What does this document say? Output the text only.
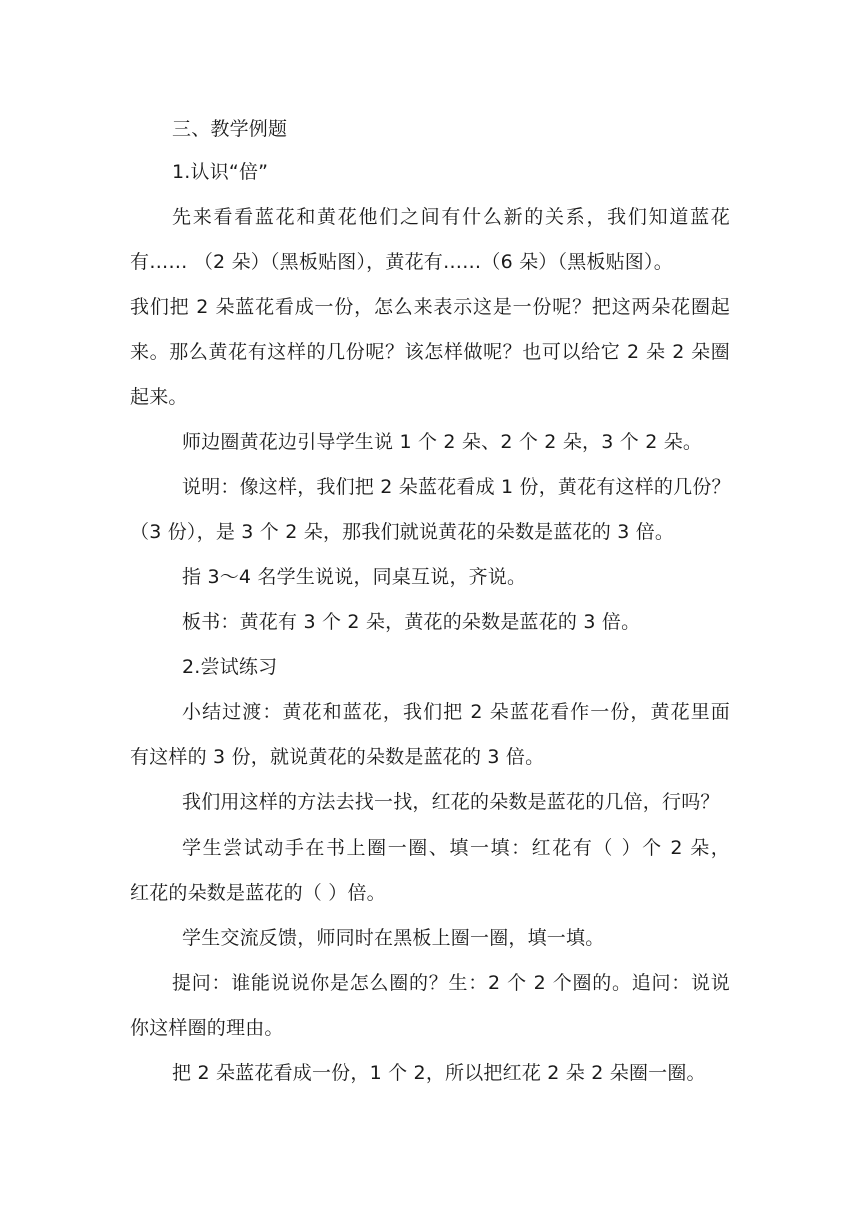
三、教学例题
1.认识“倍”
先来看看蓝花和黄花他们之间有什么新的关系，我们知道蓝花
有…… （2 朵）（黑板贴图），黄花有……（6 朵）（黑板贴图）。
我们把 2 朵蓝花看成一份，怎么来表示这是一份呢？把这两朵花圈起
来。那么黄花有这样的几份呢？该怎样做呢？也可以给它 2 朵 2 朵圈
起来。
师边圈黄花边引导学生说 1 个 2 朵、2 个 2 朵，3 个 2 朵。
说明：像这样，我们把 2 朵蓝花看成 1 份，黄花有这样的几份？
（3 份），是 3 个 2 朵，那我们就说黄花的朵数是蓝花的 3 倍。
指 3～4 名学生说说，同桌互说，齐说。
板书：黄花有 3 个 2 朵，黄花的朵数是蓝花的 3 倍。
2.尝试练习
小结过渡：黄花和蓝花，我们把 2 朵蓝花看作一份，黄花里面
有这样的 3 份，就说黄花的朵数是蓝花的 3 倍。
我们用这样的方法去找一找，红花的朵数是蓝花的几倍，行吗？
学生尝试动手在书上圈一圈、填一填：红花有（ ）个 2 朵，
红花的朵数是蓝花的（ ）倍。
学生交流反馈，师同时在黑板上圈一圈，填一填。
提问：谁能说说你是怎么圈的？生：2 个 2 个圈的。追问：说说
你这样圈的理由。
把 2 朵蓝花看成一份，1 个 2，所以把红花 2 朵 2 朵圈一圈。
